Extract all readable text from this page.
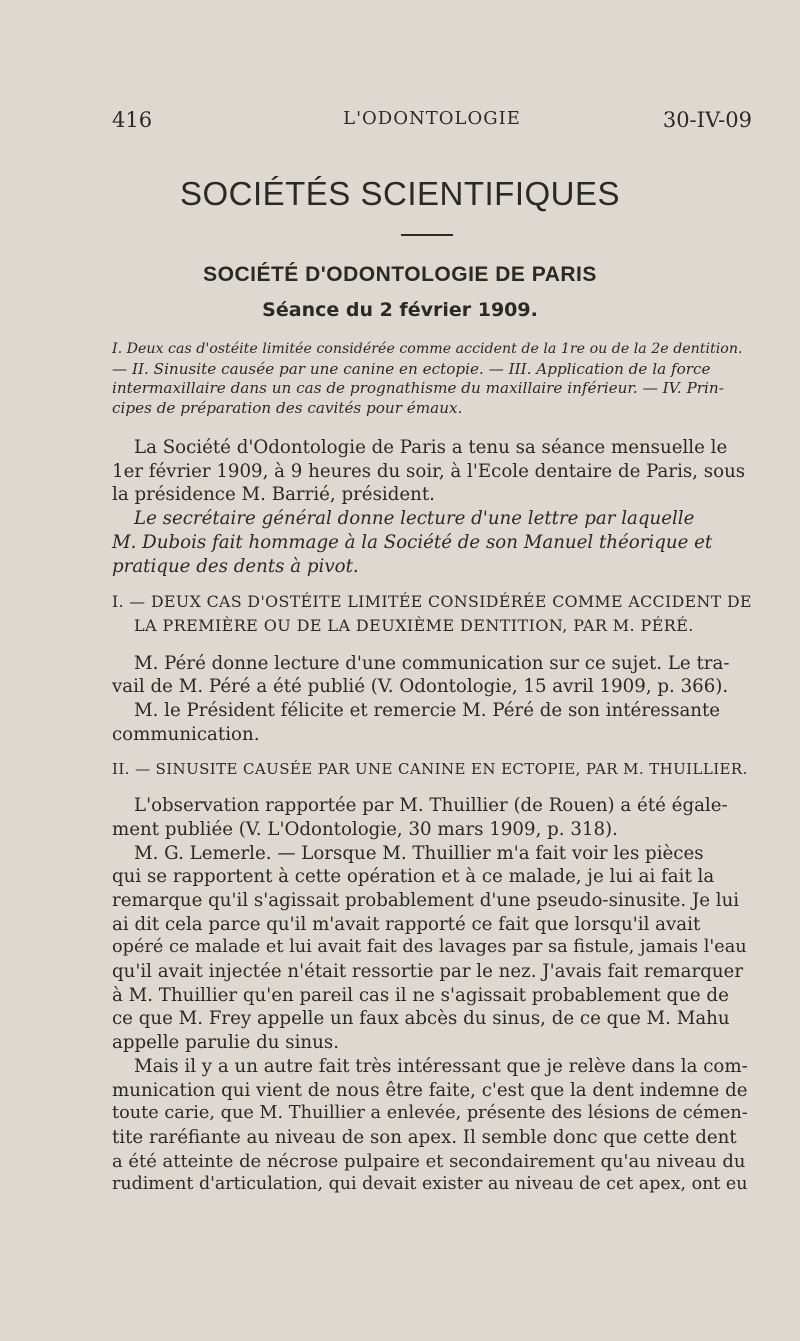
416	L'ODONTOLOGIE	30-IV-09
SOCIÉTÉS SCIENTIFIQUES
SOCIÉTÉ D'ODONTOLOGIE DE PARIS
Séance du 2 février 1909.
I. Deux cas d'ostéite limitée considérée comme accident de la 1re ou de la 2e dentition.
— II. Sinusite causée par une canine en ectopie. — III. Application de la force
intermaxillaire dans un cas de prognathisme du maxillaire inférieur. — IV. Prin-
cipes de préparation des cavités pour émaux.

La Société d'Odontologie de Paris a tenu sa séance mensuelle le
1er février 1909, à 9 heures du soir, à l'Ecole dentaire de Paris, sous
la présidence M. Barrié, président.

Le secrétaire général donne lecture d'une lettre par laquelle
M. Dubois fait hommage à la Société de son Manuel théorique et
pratique des dents à pivot.

I. — DEUX CAS D'OSTÉITE LIMITÉE CONSIDÉRÉE COMME ACCIDENT DE
LA PREMIÈRE OU DE LA DEUXIÈME DENTITION, PAR M. PÉRÉ.

M. Péré donne lecture d'une communication sur ce sujet. Le tra-
vail de M. Péré a été publié (V. Odontologie, 15 avril 1909, p. 366).

M. le Président félicite et remercie M. Péré de son intéressante
communication.

II. — SINUSITE CAUSÉE PAR UNE CANINE EN ECTOPIE, PAR M. THUILLIER.

L'observation rapportée par M. Thuillier (de Rouen) a été égale-
ment publiée (V. L'Odontologie, 30 mars 1909, p. 318).

M. G. Lemerle. — Lorsque M. Thuillier m'a fait voir les pièces
qui se rapportent à cette opération et à ce malade, je lui ai fait la
remarque qu'il s'agissait probablement d'une pseudo-sinusite. Je lui
ai dit cela parce qu'il m'avait rapporté ce fait que lorsqu'il avait
opéré ce malade et lui avait fait des lavages par sa fistule, jamais l'eau
qu'il avait injectée n'était ressortie par le nez. J'avais fait remarquer
à M. Thuillier qu'en pareil cas il ne s'agissait probablement que de
ce que M. Frey appelle un faux abcès du sinus, de ce que M. Mahu
appelle parulie du sinus.

Mais il y a un autre fait très intéressant que je relève dans la com-
munication qui vient de nous être faite, c'est que la dent indemne de
toute carie, que M. Thuillier a enlevée, présente des lésions de cémen-
tite raréfiante au niveau de son apex. Il semble donc que cette dent
a été atteinte de nécrose pulpaire et secondairement qu'au niveau du
rudiment d'articulation, qui devait exister au niveau de cet apex, ont eu
